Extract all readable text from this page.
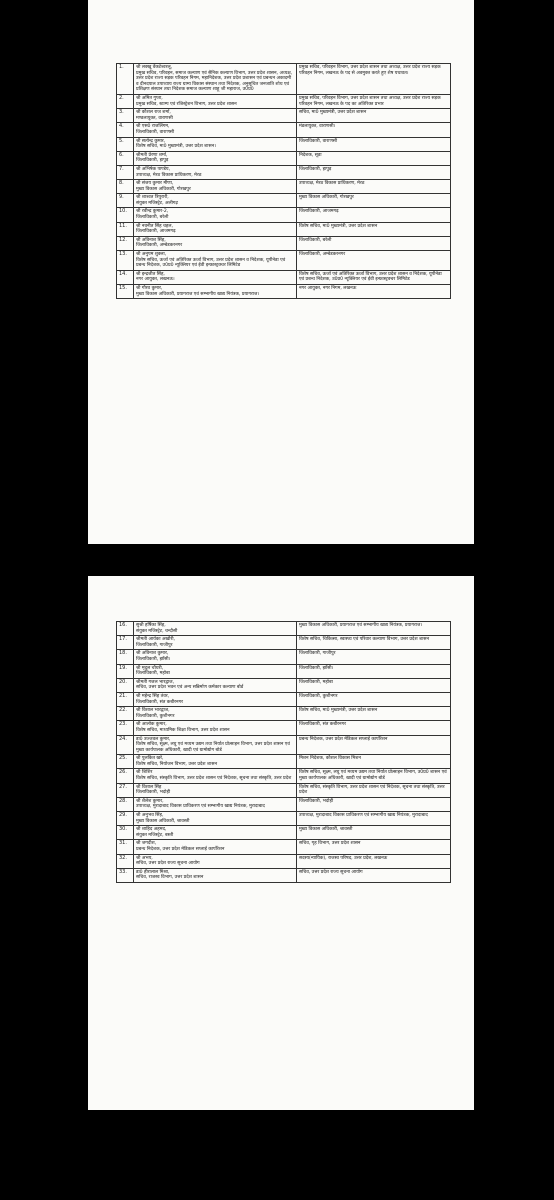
1.	श्री लक्खू वेंकटेश्वरलू,
प्रमुख सचिव, परिवहन, समाज कल्याण एवं सैनिक कल्याण विभाग, उत्तर प्रदेश शासन, अध्यक्ष, उत्तर प्रदेश राज्य सड़क परिवहन निगम, महानिदेशक, उत्तर प्रदेश प्रशासन एवं प्रबन्धन अकादमी व दीनदयाल उपाध्याय राज्य ग्राम्य विकास संस्थान तथा निदेशक, अनुसूचित जनजाति शोध एवं प्रशिक्षण संस्थान तथा निदेशक समाज कल्याण शाहू जी महाराज, उ0प्र0	प्रमुख सचिव, परिवहन विभाग, उत्तर प्रदेश शासन तथा अध्यक्ष, उत्तर प्रदेश राज्य सड़क परिवहन निगम, लखनऊ के पद से अवमुक्त करते हुए शेष यथावत।
2.	श्री अमित गुप्ता,
प्रमुख सचिव, स्टाम्प एवं रजिस्ट्रेशन विभाग, उत्तर प्रदेश शासन	प्रमुख सचिव, परिवहन विभाग, उत्तर प्रदेश शासन तथा अध्यक्ष, उत्तर प्रदेश राज्य सड़क परिवहन निगम, लखनऊ के पद का अतिरिक्त प्रभार
3.	श्री कौशल राज शर्मा,
मण्डलायुक्त, वाराणसी	सचिव, मा0 मुख्यमंत्री, उत्तर प्रदेश शासन
4.	श्री एस0 राजलिंगम,
जिलाधिकारी, वाराणसी	मंडलायुक्त, वाराणसी।
5.	श्री सत्येन्द्र कुमार,
विशेष सचिव, मा0 मुख्यमंत्री, उत्तर प्रदेश शासन।	जिलाधिकारी, वाराणसी
6.	श्रीमती प्रेरणा शर्मा,
जिलाधिकारी, हापुड़	निदेशक, सूडा
7.	श्री अभिषेक पाण्डेय,
उपाध्यक्ष, मेरठ विकास प्राधिकरण, मेरठ	जिलाधिकारी, हापुड़
8.	श्री संजय कुमार मीणा,
मुख्य विकास अधिकारी, गोरखपुर	उपाध्यक्ष, मेरठ विकास प्राधिकरण, मेरठ
9.	श्री शाश्वत त्रिपुरारी,
संयुक्त मजिस्ट्रेट, अलीगढ़	मुख्य विकास अधिकारी, गोरखपुर
10.	श्री रवीन्द्र कुमार-2,
जिलाधिकारी, बरेली	जिलाधिकारी, आजमगढ़
11.	श्री नवनीत सिंह चहल,
जिलाधिकारी, आजमगढ़	विशेष सचिव, मा0 मुख्यमंत्री, उत्तर प्रदेश शासन
12.	श्री अविनाश सिंह,
जिलाधिकारी, अम्बेडकरनगर	जिलाधिकारी, बरेली
13.	श्री अनुपम शुक्ला,
विशेष सचिव, ऊर्जा एवं अतिरिक्त ऊर्जा विभाग, उत्तर प्रदेश शासन व निदेशक, यूपीनेडा एवं प्रबन्ध निदेशक, उ0प्र0 न्यूक्लियर एवं ईवी इन्फ्रास्ट्रक्चर लिमिटेड	जिलाधिकारी, अम्बेडकरनगर
14.	श्री इन्द्रजीत सिंह,
नगर आयुक्त, लखनऊ।	विशेष सचिव, ऊर्जा एवं अतिरिक्त ऊर्जा विभाग, उत्तर प्रदेश शासन व निदेशक, यूपीनेडा एवं प्रबन्ध निदेशक, उ0प्र0 न्यूक्लियर एवं ईवी इन्फ्रास्ट्रक्चर लिमिटेड
15.	श्री गौरव कुमार,
मुख्य विकास अधिकारी, प्रयागराज एवं सम्भागीय खाद्य नियंत्रक, प्रयागराज।	नगर आयुक्त, नगर निगम, लखनऊ
16.	सुश्री हर्षिका सिंह,
संयुक्त मजिस्ट्रेट, चन्दौसी	मुख्य विकास अधिकारी, प्रयागराज एवं सम्भागीय खाद्य नियंत्रक, प्रयागराज।
17.	श्रीमती आर्यका अखौरी,
जिलाधिकारी, गाजीपुर	विशेष सचिव, चिकित्सा, स्वास्थ्य एवं परिवार कल्याण विभाग, उत्तर प्रदेश शासन
18.	श्री अविनाश कुमार,
जिलाधिकारी, झाँसी।	जिलाधिकारी, गाजीपुर
19.	श्री मृदुल चौधरी,
जिलाधिकारी, महोबा	जिलाधिकारी, झाँसी।
20.	श्रीमती गजल भारद्वाज,
सचिव, उत्तर प्रदेश भवन एवं अन्य सन्निर्माण कर्मकार कल्याण बोर्ड	जिलाधिकारी, महोबा
21.	श्री महेन्द्र सिंह तंवर,
जिलाधिकारी, संत कबीरनगर	जिलाधिकारी, कुशीनगर
22.	श्री विशाल भारद्वाज,
जिलाधिकारी, कुशीनगर	विशेष सचिव, मा0 मुख्यमंत्री, उत्तर प्रदेश शासन
23.	श्री आलोक कुमार,
विशेष सचिव, माध्यमिक शिक्षा विभाग, उत्तर प्रदेश शासन	जिलाधिकारी, संत कबीरनगर
24.	डा0 उज्जवल कुमार,
विशेष सचिव, सूक्ष्म, लघु एवं मध्यम उद्यम तथा निर्यात प्रोत्साहन विभाग, उत्तर प्रदेश शासन एवं मुख्य कार्यपालक अधिकारी, खादी एवं ग्रामोद्योग बोर्ड	प्रबन्ध निदेशक, उत्तर प्रदेश मेडिकल सप्लाई कार्पोरेशन
25.	श्री पुलकित खरे,
विशेष सचिव, नियोजन विभाग, उत्तर प्रदेश शासन	मिशन निदेशक, कौशल विकास मिशन
26.	श्री शिशिर
विशेष सचिव, संस्कृति विभाग, उत्तर प्रदेश शासन एवं निदेशक, सूचना तथा संस्कृति, उत्तर प्रदेश	विशेष सचिव, सूक्ष्म, लघु एवं मध्यम उद्यम तथा निर्यात प्रोत्साहन विभाग, उ0प्र0 शासन एवं मुख्य कार्यपालक अधिकारी, खादी एवं ग्रामोद्योग बोर्ड
27.	श्री विशाल सिंह
जिलाधिकारी, भदोही	विशेष सचिव, संस्कृति विभाग, उत्तर प्रदेश शासन एवं निदेशक, सूचना तथा संस्कृति, उत्तर प्रदेश
28.	श्री शैलेश कुमार,
उपाध्यक्ष, मुरादाबाद विकास प्राधिकरण एवं सम्भागीय खाद्य नियंत्रक, मुरादाबाद	जिलाधिकारी, भदोही
29.	श्री अनुभव सिंह,
मुख्य विकास अधिकारी, श्रावस्ती	उपाध्यक्ष, मुरादाबाद विकास प्राधिकरण एवं सम्भागीय खाद्य नियंत्रक, मुरादाबाद
30.	श्री शाहिद अहमद,
संयुक्त मजिस्ट्रेट, बस्ती	मुख्य विकास अधिकारी, श्रावस्ती
31.	श्री जगदीश,
प्रबन्ध निदेशक, उत्तर प्रदेश मेडिकल सप्लाई कार्पोरेशन	सचिव, गृह विभाग, उत्तर प्रदेश शासन
32.	श्री अभय,
सचिव, उत्तर प्रदेश राज्य सूचना आयोग	सदस्य(न्यायिक), राजस्व परिषद, उत्तर प्रदेश, लखनऊ
33.	डा0 हीरालाल मिश्रा,
सचिव, राजस्व विभाग, उत्तर प्रदेश शासन	सचिव, उत्तर प्रदेश राज्य सूचना आयोग
